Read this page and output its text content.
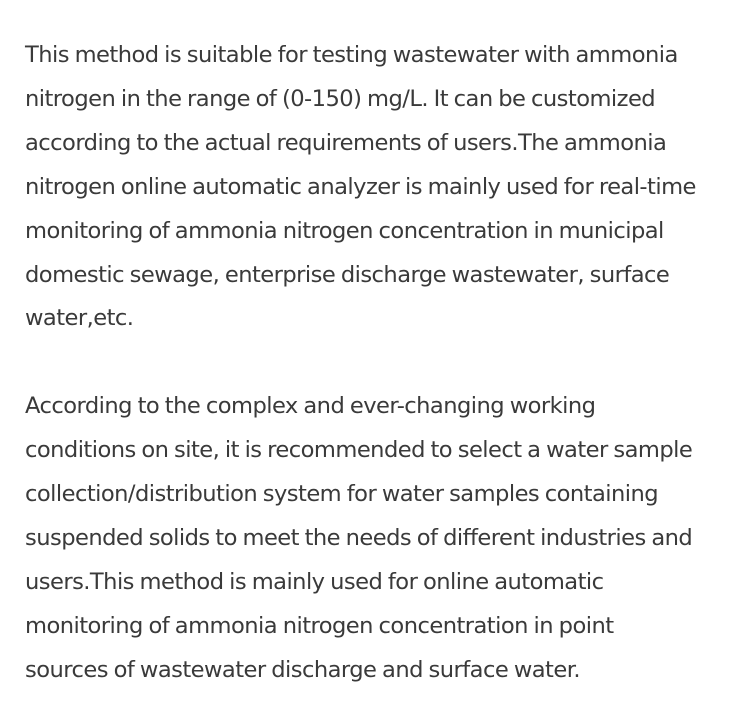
This method is suitable for testing wastewater with ammonia
nitrogen in the range of (0-150) mg/L. It can be customized
according to the actual requirements of users.The ammonia
nitrogen online automatic analyzer is mainly used for real-time
monitoring of ammonia nitrogen concentration in municipal
domestic sewage, enterprise discharge wastewater, surface
water,etc.

According to the complex and ever-changing working
conditions on site, it is recommended to select a water sample
collection/distribution system for water samples containing
suspended solids to meet the needs of different industries and
users.This method is mainly used for online automatic
monitoring of ammonia nitrogen concentration in point
sources of wastewater discharge and surface water.
